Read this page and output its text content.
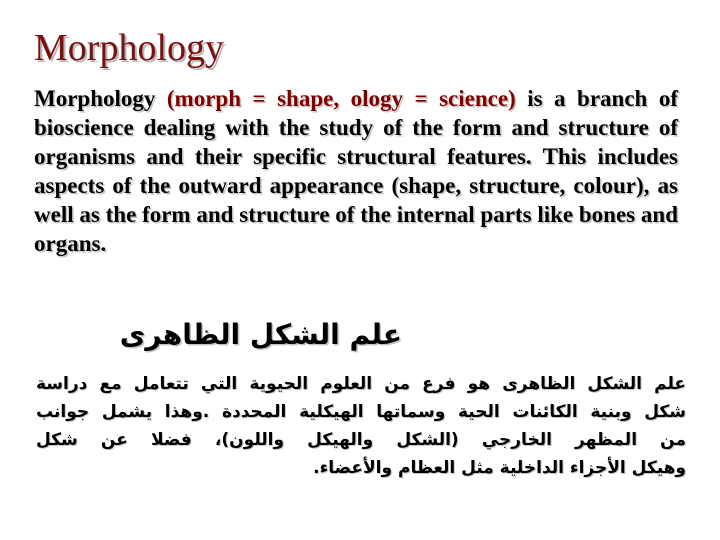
Morphology
Morphology (morph = shape, ology = science) is a branch of bioscience dealing with the study of the form and structure of organisms and their specific structural features. This includes aspects of the outward appearance (shape, structure, colour), as well as the form and structure of the internal parts like bones and organs.
علم الشكل الظاهرى
علم الشكل الظاهرى هو فرع من العلوم الحيوية التي تتعامل مع دراسة
شكل وبنية الكائنات الحية وسماتها الهيكلية المحددة .وهذا يشمل جوانب
من المظهر الخارجي (الشكل والهيكل واللون)، فضلا عن شكل
وهيكل الأجزاء الداخلية مثل العظام والأعضاء.
